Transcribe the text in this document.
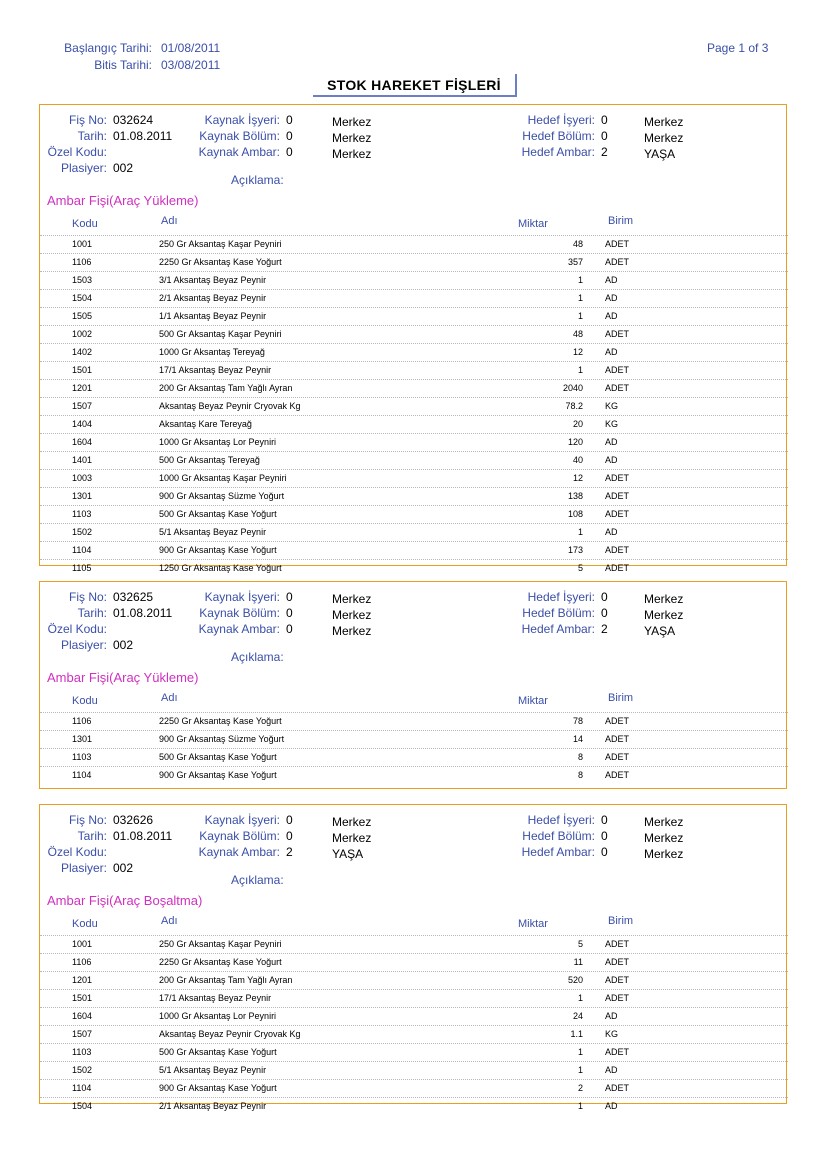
Başlangıç Tarihi: 01/08/2011
Bitis Tarihi: 03/08/2011
Page 1 of 3
STOK HAREKET FİŞLERİ
Fiş No: 032624
Tarih: 01.08.2011
Özel Kodu:
Plasiyer: 002
Kaynak İşyeri: 0	Merkez
Kaynak Bölüm: 0	Merkez
Kaynak Ambar: 0	Merkez
Hedef İşyeri: 0	Merkez
Hedef Bölüm: 0	Merkez
Hedef Ambar: 2	YAŞA
Açıklama:
Ambar Fişi(Araç Yükleme)
Kodu	Adı	Miktar	Birim
1001	250 Gr Aksantaş Kaşar Peyniri	48 ADET
1106	2250 Gr Aksantaş Kase Yoğurt	357 ADET
1503	3/1 Aksantaş Beyaz Peynir	1 AD
1504	2/1 Aksantaş Beyaz Peynir	1 AD
1505	1/1 Aksantaş Beyaz Peynir	1 AD
1002	500 Gr Aksantaş Kaşar Peyniri	48 ADET
1402	1000 Gr Aksantaş Tereyağ	12 AD
1501	17/1 Aksantaş Beyaz Peynir	1 ADET
1201	200 Gr Aksantaş Tam Yağlı Ayran	2040 ADET
1507	Aksantaş Beyaz Peynir Cryovak Kg	78.2 KG
1404	Aksantaş Kare Tereyağ	20 KG
1604	1000 Gr Aksantaş Lor Peyniri	120 AD
1401	500 Gr Aksantaş Tereyağ	40 AD
1003	1000 Gr Aksantaş Kaşar Peyniri	12 ADET
1301	900 Gr Aksantaş Süzme Yoğurt	138 ADET
1103	500 Gr Aksantaş Kase Yoğurt	108 ADET
1502	5/1 Aksantaş Beyaz Peynir	1 AD
1104	900 Gr Aksantaş Kase Yoğurt	173 ADET
1105	1250 Gr Aksantaş Kase Yoğurt	5 ADET
Fiş No: 032625
Tarih: 01.08.2011
Özel Kodu:
Plasiyer: 002
Kaynak İşyeri: 0	Merkez
Kaynak Bölüm: 0	Merkez
Kaynak Ambar: 0	Merkez
Hedef İşyeri: 0	Merkez
Hedef Bölüm: 0	Merkez
Hedef Ambar: 2	YAŞA
Açıklama:
Ambar Fişi(Araç Yükleme)
Kodu	Adı	Miktar	Birim
1106	2250 Gr Aksantaş Kase Yoğurt	78 ADET
1301	900 Gr Aksantaş Süzme Yoğurt	14 ADET
1103	500 Gr Aksantaş Kase Yoğurt	8 ADET
1104	900 Gr Aksantaş Kase Yoğurt	8 ADET
Fiş No: 032626
Tarih: 01.08.2011
Özel Kodu:
Plasiyer: 002
Kaynak İşyeri: 0	Merkez
Kaynak Bölüm: 0	Merkez
Kaynak Ambar: 2	YAŞA
Hedef İşyeri: 0	Merkez
Hedef Bölüm: 0	Merkez
Hedef Ambar: 0	Merkez
Açıklama:
Ambar Fişi(Araç Boşaltma)
Kodu	Adı	Miktar	Birim
1001	250 Gr Aksantaş Kaşar Peyniri	5 ADET
1106	2250 Gr Aksantaş Kase Yoğurt	11 ADET
1201	200 Gr Aksantaş Tam Yağlı Ayran	520 ADET
1501	17/1 Aksantaş Beyaz Peynir	1 ADET
1604	1000 Gr Aksantaş Lor Peyniri	24 AD
1507	Aksantaş Beyaz Peynir Cryovak Kg	1.1 KG
1103	500 Gr Aksantaş Kase Yoğurt	1 ADET
1502	5/1 Aksantaş Beyaz Peynir	1 AD
1104	900 Gr Aksantaş Kase Yoğurt	2 ADET
1504	2/1 Aksantaş Beyaz Peynir	1 AD
